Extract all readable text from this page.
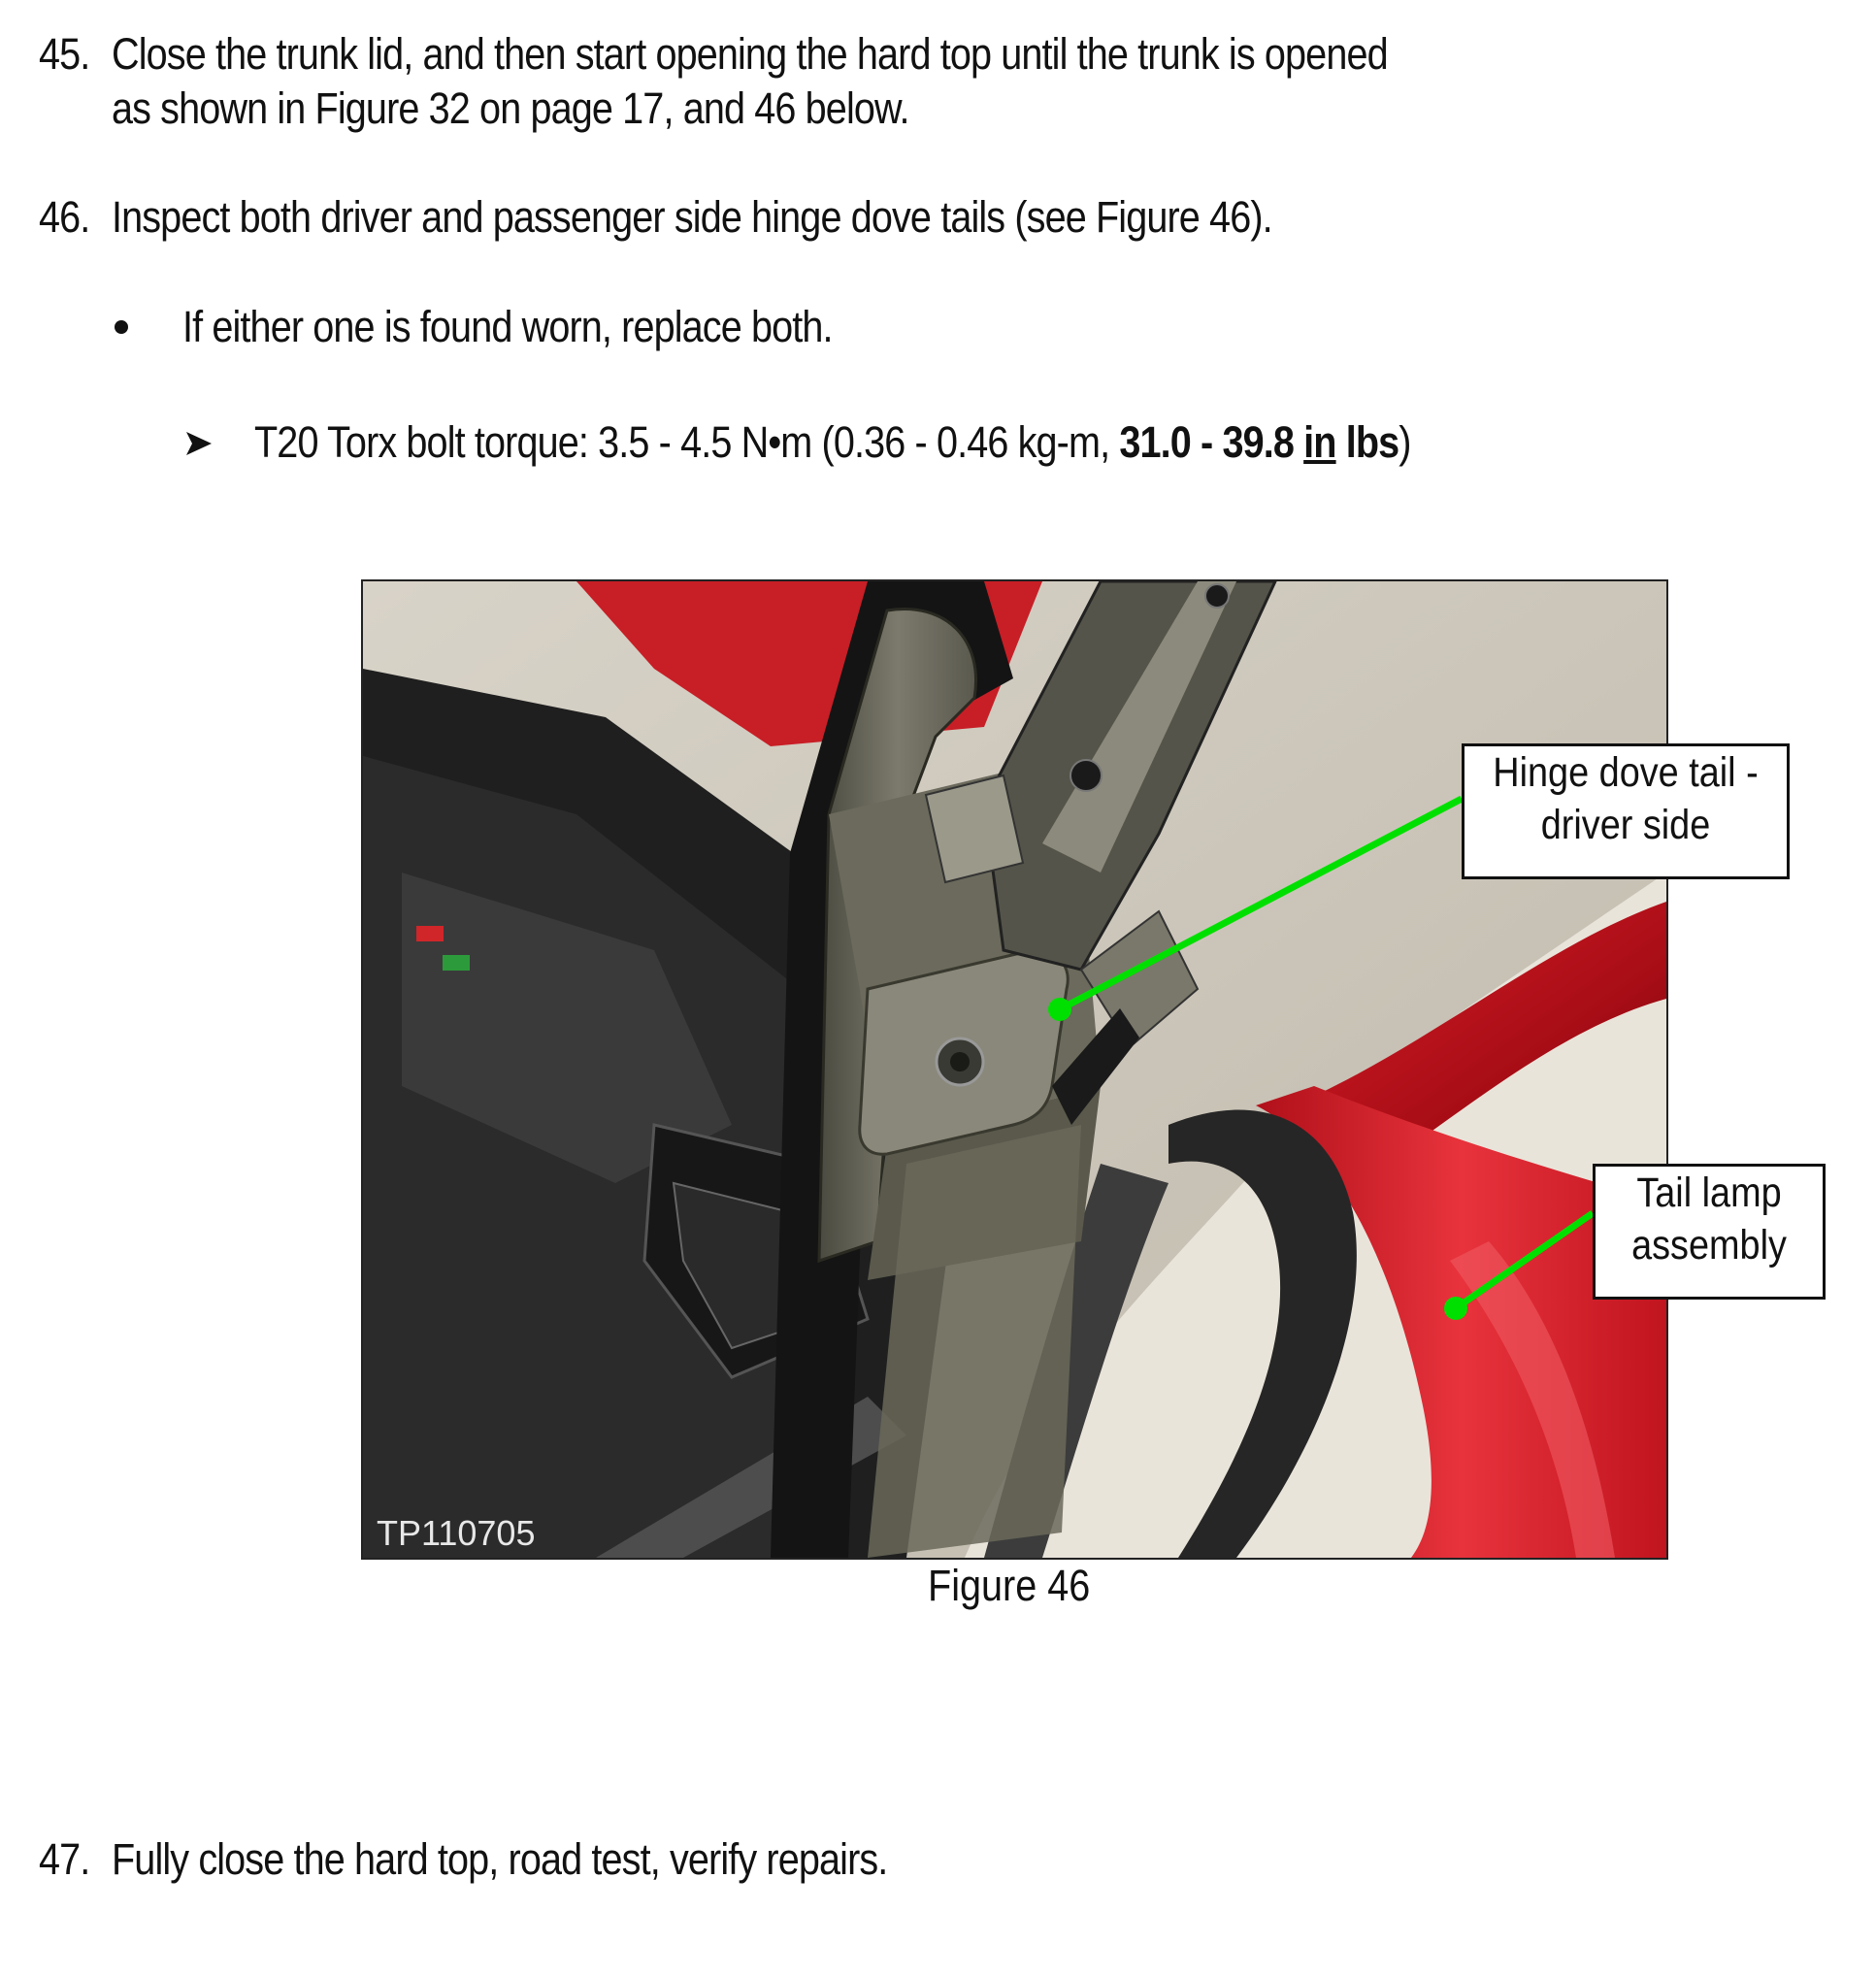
45. Close the trunk lid, and then start opening the hard top until the trunk is opened
as shown in Figure 32 on page 17, and 46 below.
46. Inspect both driver and passenger side hinge dove tails (see Figure 46).
If either one is found worn, replace both.
T20 Torx bolt torque: 3.5 - 4.5 N•m (0.36 - 0.46 kg-m, 31.0 - 39.8 in lbs)
TP110705
Hinge dove tail -
driver side
Tail lamp
assembly
Figure 46
47. Fully close the hard top, road test, verify repairs.
